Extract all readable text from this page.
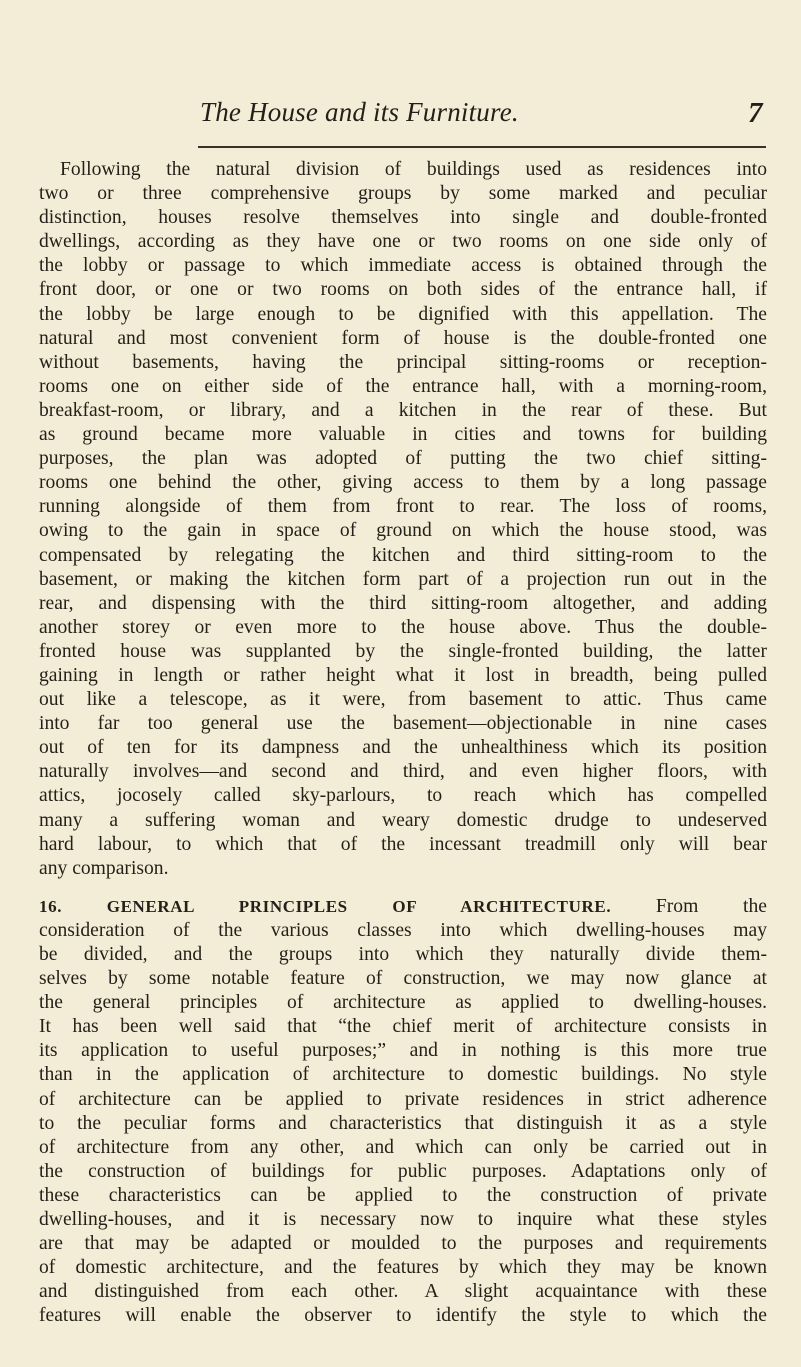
The House and its Furniture.	7
Following the natural division of buildings used as residences into
two or three comprehensive groups by some marked and peculiar
distinction, houses resolve themselves into single and double-fronted
dwellings, according as they have one or two rooms on one side only of
the lobby or passage to which immediate access is obtained through the
front door, or one or two rooms on both sides of the entrance hall, if
the lobby be large enough to be dignified with this appellation. The
natural and most convenient form of house is the double-fronted one
without basements, having the principal sitting-rooms or reception-
rooms one on either side of the entrance hall, with a morning-room,
breakfast-room, or library, and a kitchen in the rear of these. But
as ground became more valuable in cities and towns for building
purposes, the plan was adopted of putting the two chief sitting-
rooms one behind the other, giving access to them by a long passage
running alongside of them from front to rear. The loss of rooms,
owing to the gain in space of ground on which the house stood, was
compensated by relegating the kitchen and third sitting-room to the
basement, or making the kitchen form part of a projection run out in the
rear, and dispensing with the third sitting-room altogether, and adding
another storey or even more to the house above. Thus the double-
fronted house was supplanted by the single-fronted building, the latter
gaining in length or rather height what it lost in breadth, being pulled
out like a telescope, as it were, from basement to attic. Thus came
into far too general use the basement—objectionable in nine cases
out of ten for its dampness and the unhealthiness which its position
naturally involves—and second and third, and even higher floors, with
attics, jocosely called sky-parlours, to reach which has compelled
many a suffering woman and weary domestic drudge to undeserved
hard labour, to which that of the incessant treadmill only will bear
any comparison.
16.	GENERAL PRINCIPLES OF ARCHITECTURE. From the
consideration of the various classes into which dwelling-houses may
be divided, and the groups into which they naturally divide them-
selves by some notable feature of construction, we may now glance at
the general principles of architecture as applied to dwelling-houses.
It has been well said that “the chief merit of architecture consists in
its application to useful purposes;” and in nothing is this more true
than in the application of architecture to domestic buildings. No style
of architecture can be applied to private residences in strict adherence
to the peculiar forms and characteristics that distinguish it as a style
of architecture from any other, and which can only be carried out in
the construction of buildings for public purposes. Adaptations only of
these characteristics can be applied to the construction of private
dwelling-houses, and it is necessary now to inquire what these styles
are that may be adapted or moulded to the purposes and requirements
of domestic architecture, and the features by which they may be known
and distinguished from each other. A slight acquaintance with these
features will enable the observer to identify the style to which the
